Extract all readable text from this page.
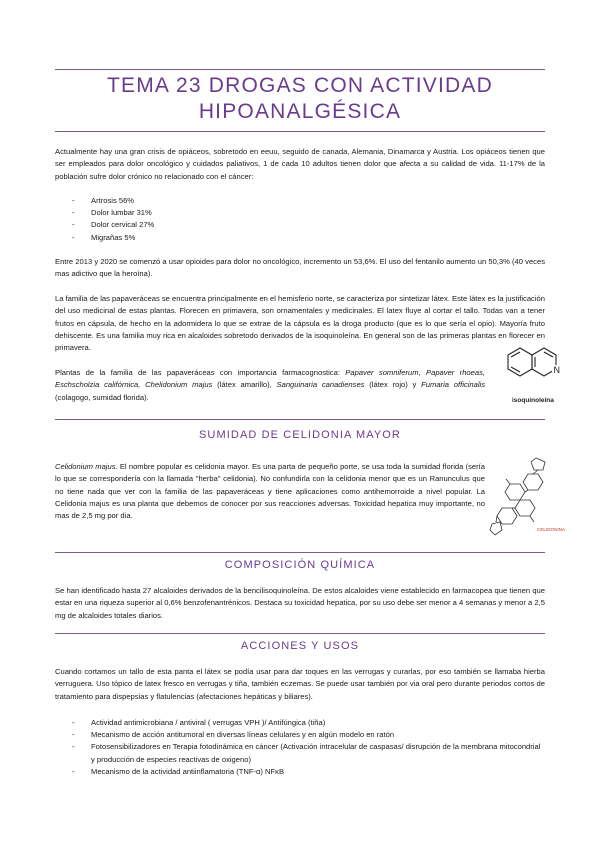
TEMA 23 DROGAS CON ACTIVIDAD
HIPOANALGÉSICA

Actualmente hay una gran crisis de opiáceos, sobretodo en eeuu, seguido de canada, Alemania, Dinamarca y Austria. Los opiáceos tienen que ser empleados para dolor oncológico y cuidados paliativos, 1 de cada 10 adultos tienen dolor que afecta a su calidad de vida. 11-17% de la población sufre dolor crónico no relacionado con el cáncer:

- Artrosis 56%
- Dolor lumbar 31%
- Dolor cervical 27%
- Migrañas 5%

Entre 2013 y 2020 se comenzó a usar opioides para dolor no oncológico, incremento un 53,6%. El uso del fentanilo aumento un 50,3% (40 veces mas adictivo que la heroína).

La familia de las papaveráceas se encuentra principalmente en el hemisferio norte, se caracteriza por sintetizar látex. Este látex es la justificación del uso medicinal de estas plantas. Florecen en primavera, son ornamentales y medicinales. El latex fluye al cortar el tallo. Todas van a tener frutos en cápsula, de hecho en la adormidera lo que se extrae de la cápsula es la droga producto (que es lo que sería el opio). Mayoría fruto dehiscente. Es una familia muy rica en alcaloides sobretodo derivados de la isoquinoleína. En general son de las primeras plantas en florecer en primavera.

Plantas de la familia de las papaveráceas con importancia farmacognostica: Papaver somniferum, Papaver rhoeas, Eschscholzia califórnica, Chelidonium majus (látex amarillo), Sanguinaria canadienses (látex rojo) y Fumaria officinalis (colagogo, sumidad florida).

N
isoquinoleína
SUMIDAD DE CELIDONIA MAYOR

Celidonium majus. El nombre popular es celidonia mayor. Es una parta de pequeño porte, se usa toda la sumidad florida (sería lo que se correspondería con la llamada "herba" celidonia). No confundirla con la celidonia menor que es un Ranunculus que no tiene nada que ver con la familia de las papaveráceas y tiene aplicaciones como antihemorroide a nivel popular. La Celidonia majus es una planta que debemos de conocer por sus reacciones adversas. Toxicidad hepatica muy importante, no mas de 2,5 mg por dia.

CELIDONINA
COMPOSICIÓN QUÍMICA

Se han identificado hasta 27 alcaloides derivados de la bencilisoquinoleína. De estos alcaloides viene establecido en farmacopea que tienen que estar en una riqueza superior al 0,6% benzofenantrénicos. Destaca su toxicidad hepatica, por su uso debe ser menor a 4 semanas y menor a 2,5 mg de alcaloides totales diarios.

ACCIONES Y USOS

Cuando cortamos un tallo de esta panta el látex se podía usar para dar toques en las verrugas y curarlas, por eso también se llamaba hierba verruguera. Uso tópico de latex fresco en verrugas y tiña, también eczemas. Se puede usar también por via oral pero durante periodos cortos de tratamiento para dispepsias y flatulencias (afectaciones hepáticas y biliares).

- Actividad antimicrobiana / antiviral ( verrugas VPH )/ Antifúngica (tiña)
- Mecanismo de acción antitumoral en diversas líneas celulares y en algún modelo en ratón
- Fotosensibilizadores en Terapia fotodinámica en cáncer (Activación intracelular de caspasas/ disrupción de la membrana mitocondrial y producción de especies reactivas de oxigeno)
- Mecanismo de la actividad antiinflamatoria (TNF-α) NFκB
